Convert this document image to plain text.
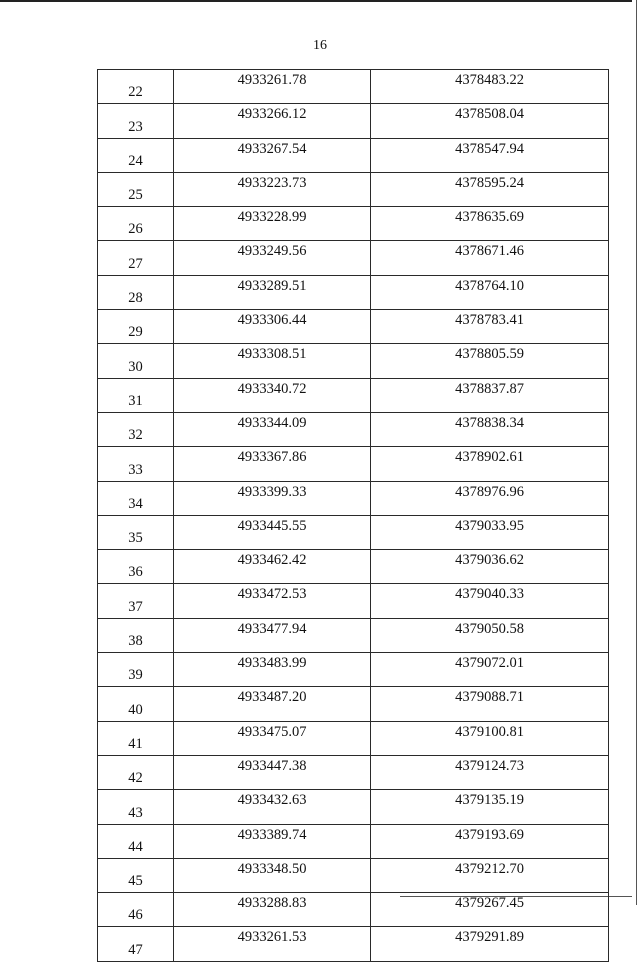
16
22	4933261.78	4378483.22
23	4933266.12	4378508.04
24	4933267.54	4378547.94
25	4933223.73	4378595.24
26	4933228.99	4378635.69
27	4933249.56	4378671.46
28	4933289.51	4378764.10
29	4933306.44	4378783.41
30	4933308.51	4378805.59
31	4933340.72	4378837.87
32	4933344.09	4378838.34
33	4933367.86	4378902.61
34	4933399.33	4378976.96
35	4933445.55	4379033.95
36	4933462.42	4379036.62
37	4933472.53	4379040.33
38	4933477.94	4379050.58
39	4933483.99	4379072.01
40	4933487.20	4379088.71
41	4933475.07	4379100.81
42	4933447.38	4379124.73
43	4933432.63	4379135.19
44	4933389.74	4379193.69
45	4933348.50	4379212.70
46	4933288.83	4379267.45
47	4933261.53	4379291.89
